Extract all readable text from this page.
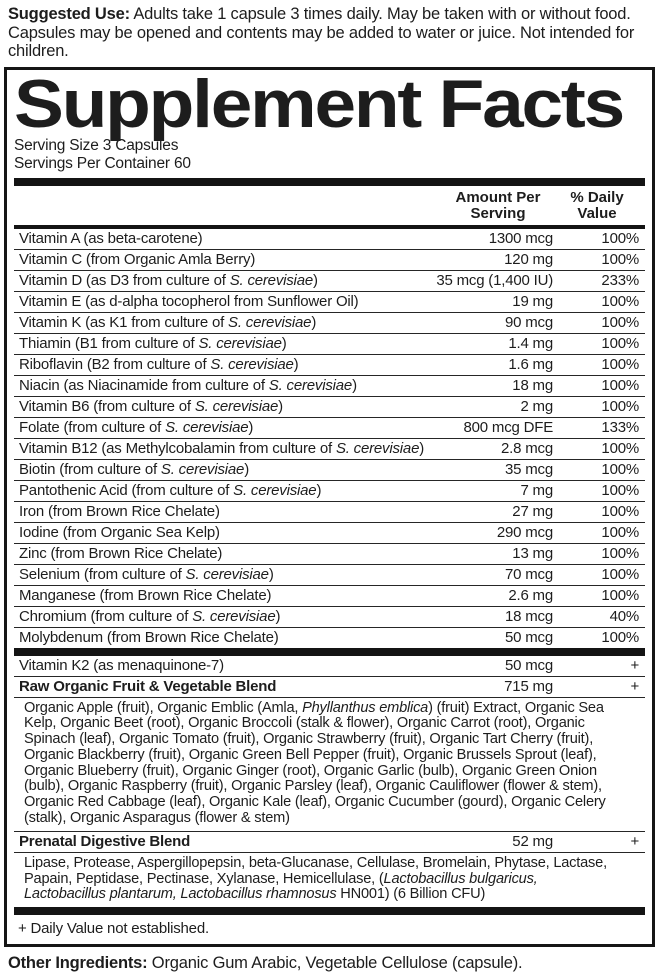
Suggested Use: Adults take 1 capsule 3 times daily. May be taken with or without food. Capsules may be opened and contents may be added to water or juice. Not intended for children.

Supplement Facts
Serving Size 3 Capsules
Servings Per Container 60
Amount Per Serving
% Daily Value
Vitamin A (as beta-carotene)	1300 mcg	100%
Vitamin C (from Organic Amla Berry)	120 mg	100%
Vitamin D (as D3 from culture of S. cerevisiae)	35 mcg (1,400 IU)	233%
Vitamin E (as d-alpha tocopherol from Sunflower Oil)	19 mg	100%
Vitamin K (as K1 from culture of S. cerevisiae)	90 mcg	100%
Thiamin (B1 from culture of S. cerevisiae)	1.4 mg	100%
Riboflavin (B2 from culture of S. cerevisiae)	1.6 mg	100%
Niacin (as Niacinamide from culture of S. cerevisiae)	18 mg	100%
Vitamin B6 (from culture of S. cerevisiae)	2 mg	100%
Folate (from culture of S. cerevisiae)	800 mcg DFE	133%
Vitamin B12 (as Methylcobalamin from culture of S. cerevisiae)	2.8 mcg	100%
Biotin (from culture of S. cerevisiae)	35 mcg	100%
Pantothenic Acid (from culture of S. cerevisiae)	7 mg	100%
Iron (from Brown Rice Chelate)	27 mg	100%
Iodine (from Organic Sea Kelp)	290 mcg	100%
Zinc (from Brown Rice Chelate)	13 mg	100%
Selenium (from culture of S. cerevisiae)	70 mcg	100%
Manganese (from Brown Rice Chelate)	2.6 mg	100%
Chromium (from culture of S. cerevisiae)	18 mcg	40%
Molybdenum (from Brown Rice Chelate)	50 mcg	100%
Vitamin K2 (as menaquinone-7)	50 mcg	+
Raw Organic Fruit & Vegetable Blend	715 mg	+
Organic Apple (fruit), Organic Emblic (Amla, Phyllanthus emblica) (fruit) Extract, Organic Sea Kelp, Organic Beet (root), Organic Broccoli (stalk & flower), Organic Carrot (root), Organic Spinach (leaf), Organic Tomato (fruit), Organic Strawberry (fruit), Organic Tart Cherry (fruit), Organic Blackberry (fruit), Organic Green Bell Pepper (fruit), Organic Brussels Sprout (leaf), Organic Blueberry (fruit), Organic Ginger (root), Organic Garlic (bulb), Organic Green Onion (bulb), Organic Raspberry (fruit), Organic Parsley (leaf), Organic Cauliflower (flower & stem), Organic Red Cabbage (leaf), Organic Kale (leaf), Organic Cucumber (gourd), Organic Celery (stalk), Organic Asparagus (flower & stem)
Prenatal Digestive Blend	52 mg	+
Lipase, Protease, Aspergillopepsin, beta-Glucanase, Cellulase, Bromelain, Phytase, Lactase, Papain, Peptidase, Pectinase, Xylanase, Hemicellulase, (Lactobacillus bulgaricus, Lactobacillus plantarum, Lactobacillus rhamnosus HN001) (6 Billion CFU)
+ Daily Value not established.

Other Ingredients: Organic Gum Arabic, Vegetable Cellulose (capsule).
